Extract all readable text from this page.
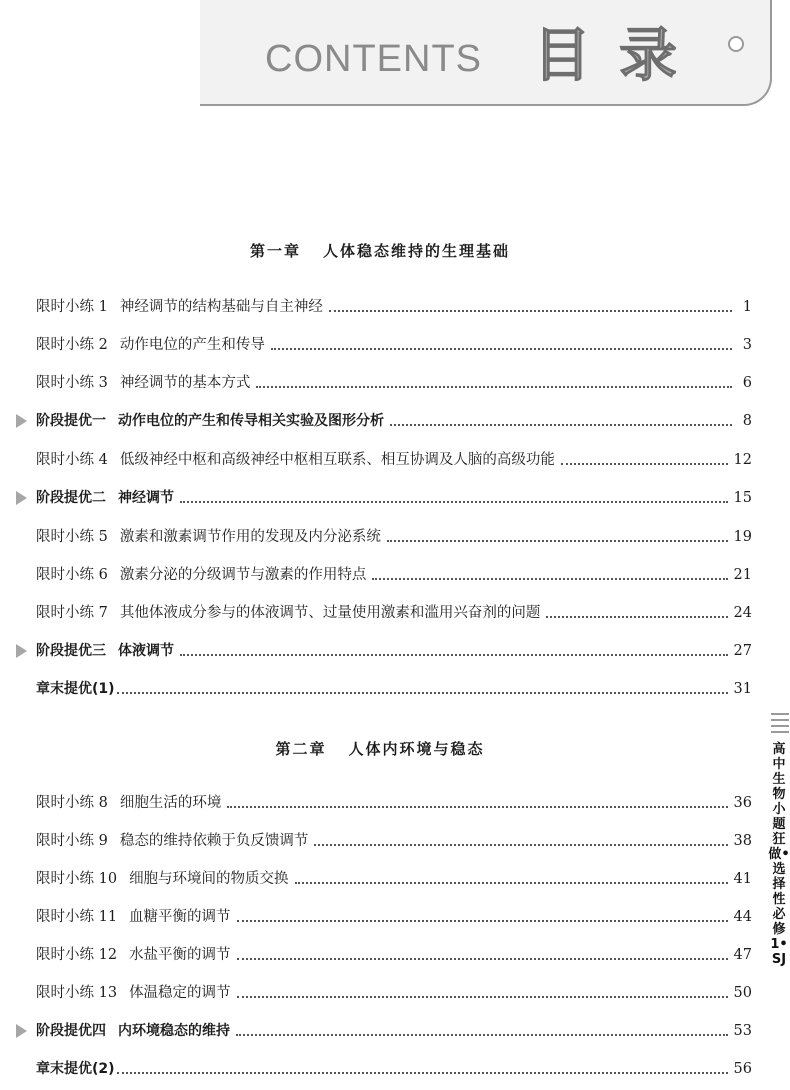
CONTENTS 目录
第一章 人体稳态维持的生理基础
限时小练 1 神经调节的结构基础与自主神经	1
限时小练 2 动作电位的产生和传导	3
限时小练 3 神经调节的基本方式	6
阶段提优一 动作电位的产生和传导相关实验及图形分析	8
限时小练 4 低级神经中枢和高级神经中枢相互联系、相互协调及人脑的高级功能	12
阶段提优二 神经调节	15
限时小练 5 激素和激素调节作用的发现及内分泌系统	19
限时小练 6 激素分泌的分级调节与激素的作用特点	21
限时小练 7 其他体液成分参与的体液调节、过量使用激素和滥用兴奋剂的问题	24
阶段提优三 体液调节	27
章末提优(1)	31
第二章 人体内环境与稳态
限时小练 8 细胞生活的环境	36
限时小练 9 稳态的维持依赖于负反馈调节	38
限时小练 10 细胞与环境间的物质交换	41
限时小练 11 血糖平衡的调节	44
限时小练 12 水盐平衡的调节	47
限时小练 13 体温稳定的调节	50
阶段提优四 内环境稳态的维持	53
章末提优(2)	56
高中生物 小题狂做•选择性必修1•SJ
